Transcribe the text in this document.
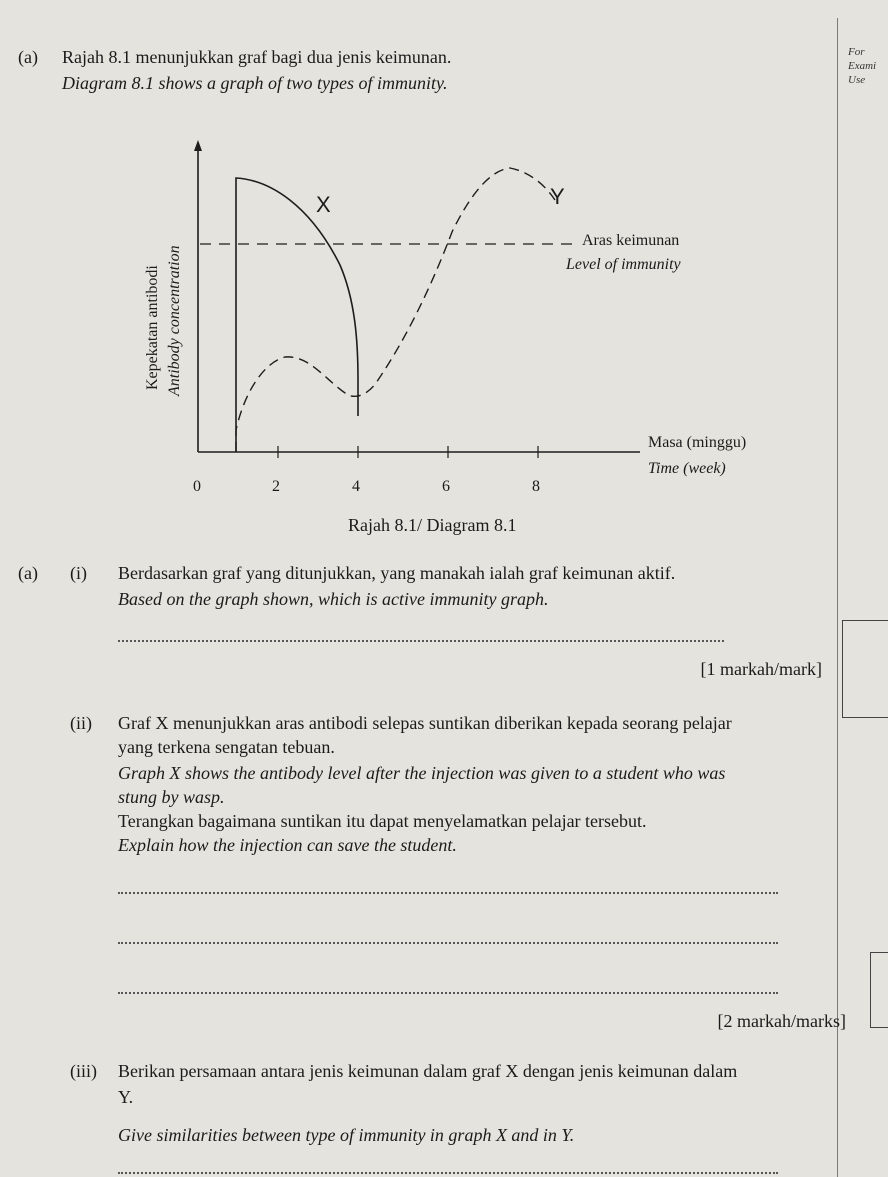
For
Exami
Use
(a) Rajah 8.1 menunjukkan graf bagi dua jenis keimunan.
Diagram 8.1 shows a graph of two types of immunity.
X	Y
Kepekatan antibodi Antibody concentration
Aras keimunan
Level of immunity
Masa (minggu)
Time (week)
0	2	4	6	8
Rajah 8.1/ Diagram 8.1
(a) (i) Berdasarkan graf yang ditunjukkan, yang manakah ialah graf keimunan aktif.
Based on the graph shown, which is active immunity graph.
[1 markah/mark]
(ii) Graf X menunjukkan aras antibodi selepas suntikan diberikan kepada seorang pelajar
yang terkena sengatan tebuan.
Graph X shows the antibody level after the injection was given to a student who was
stung by wasp.
Terangkan bagaimana suntikan itu dapat menyelamatkan pelajar tersebut.
Explain how the injection can save the student.
[2 markah/marks]
(iii) Berikan persamaan antara jenis keimunan dalam graf X dengan jenis keimunan dalam
Y.
Give similarities between type of immunity in graph X and in Y.
